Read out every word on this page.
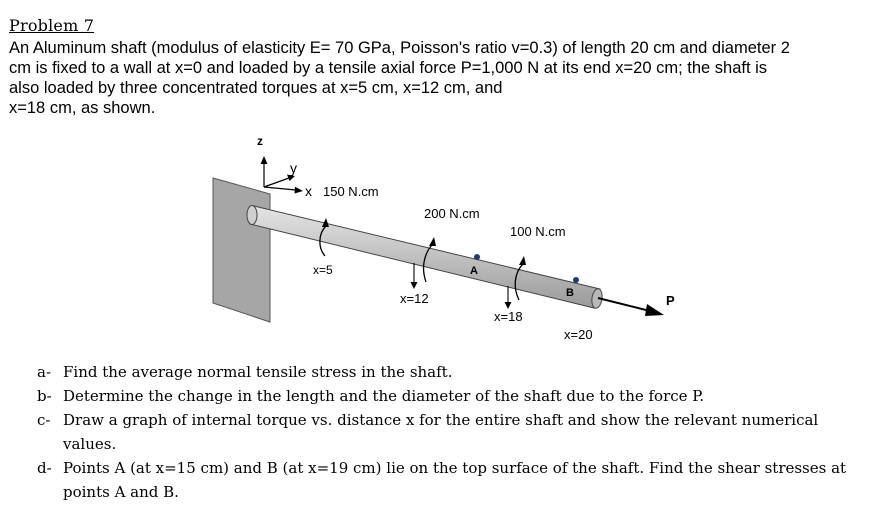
Problem 7
An Aluminum shaft (modulus of elasticity E= 70 GPa, Poisson's ratio v=0.3) of length 20 cm and diameter 2
cm is fixed to a wall at x=0 and loaded by a tensile axial force P=1,000 N at its end x=20 cm; the shaft is
also loaded by three concentrated torques at x=5 cm, x=12 cm, and
x=18 cm, as shown.
z
y
x 150 N.cm
200 N.cm
100 N.cm
x=5
x=12
x=18
x=20
A
B	P
a- Find the average normal tensile stress in the shaft.
b- Determine the change in the length and the diameter of the shaft due to the force P.
c- Draw a graph of internal torque vs. distance x for the entire shaft and show the relevant numerical values.
d- Points A (at x=15 cm) and B (at x=19 cm) lie on the top surface of the shaft. Find the shear stresses at points A and B.
